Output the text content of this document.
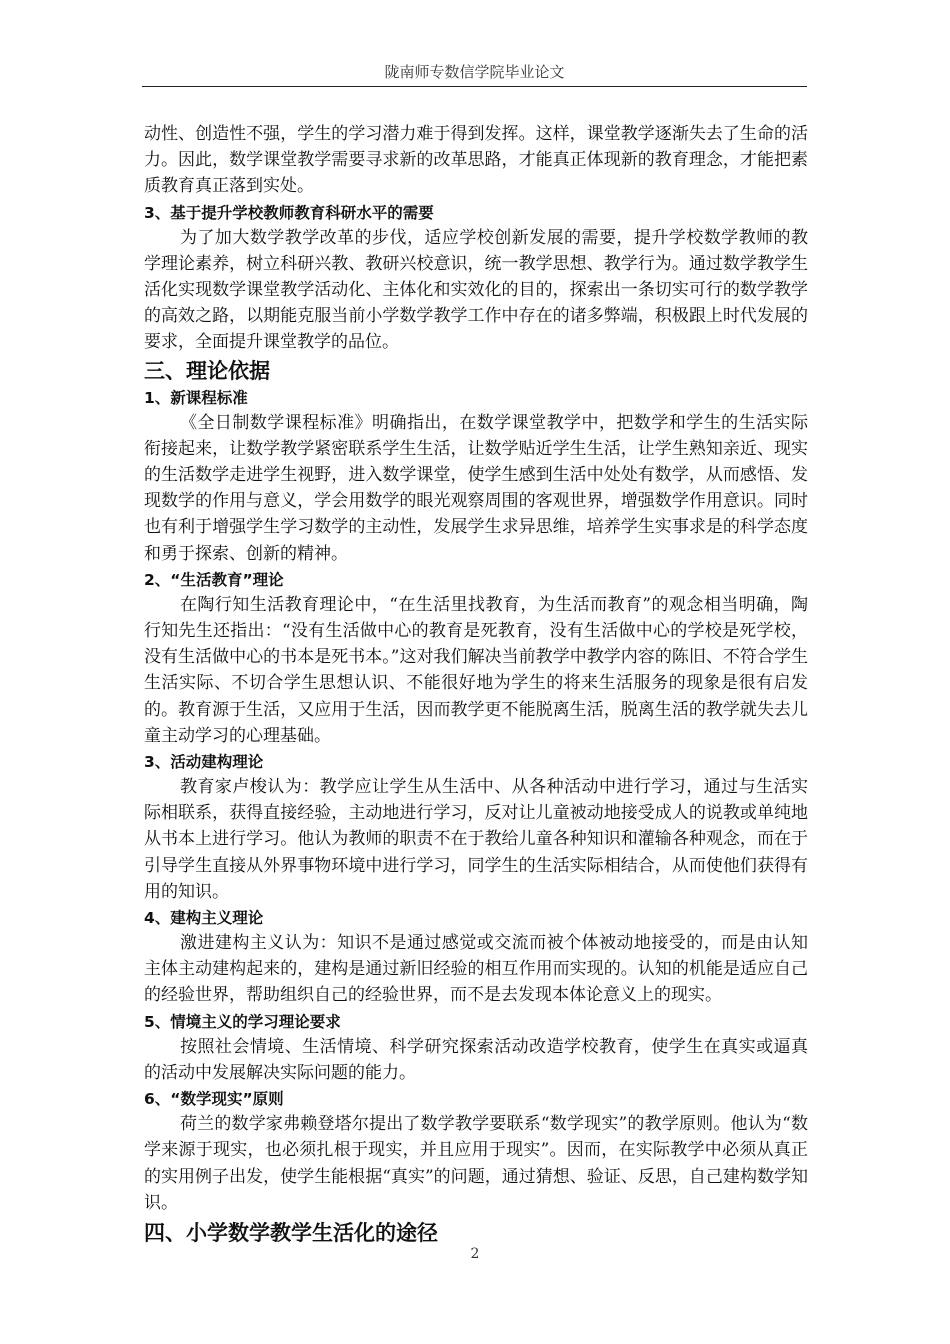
陇南师专数信学院毕业论文

动性、创造性不强，学生的学习潜力难于得到发挥。这样，课堂教学逐渐失去了生命的活力。因此，数学课堂教学需要寻求新的改革思路，才能真正体现新的教育理念，才能把素质教育真正落到实处。

3、基于提升学校教师教育科研水平的需要

为了加大数学教学改革的步伐，适应学校创新发展的需要，提升学校数学教师的教学理论素养，树立科研兴教、教研兴校意识，统一教学思想、教学行为。通过数学教学生活化实现数学课堂教学活动化、主体化和实效化的目的，探索出一条切实可行的数学教学的高效之路，以期能克服当前小学数学教学工作中存在的诸多弊端，积极跟上时代发展的要求，全面提升课堂教学的品位。

三、理论依据

1、新课程标准

《全日制数学课程标准》明确指出，在数学课堂教学中，把数学和学生的生活实际衔接起来，让数学教学紧密联系学生生活，让数学贴近学生生活，让学生熟知亲近、现实的生活数学走进学生视野，进入数学课堂，使学生感到生活中处处有数学，从而感悟、发现数学的作用与意义，学会用数学的眼光观察周围的客观世界，增强数学作用意识。同时也有利于增强学生学习数学的主动性，发展学生求异思维，培养学生实事求是的科学态度和勇于探索、创新的精神。

2、“生活教育”理论

在陶行知生活教育理论中，“在生活里找教育，为生活而教育”的观念相当明确，陶行知先生还指出：“没有生活做中心的教育是死教育，没有生活做中心的学校是死学校，没有生活做中心的书本是死书本。”这对我们解决当前教学中教学内容的陈旧、不符合学生生活实际、不切合学生思想认识、不能很好地为学生的将来生活服务的现象是很有启发的。教育源于生活，又应用于生活，因而教学更不能脱离生活，脱离生活的教学就失去儿童主动学习的心理基础。

3、活动建构理论

教育家卢梭认为：教学应让学生从生活中、从各种活动中进行学习，通过与生活实际相联系，获得直接经验，主动地进行学习，反对让儿童被动地接受成人的说教或单纯地从书本上进行学习。他认为教师的职责不在于教给儿童各种知识和灌输各种观念，而在于引导学生直接从外界事物环境中进行学习，同学生的生活实际相结合，从而使他们获得有用的知识。

4、建构主义理论

激进建构主义认为：知识不是通过感觉或交流而被个体被动地接受的，而是由认知主体主动建构起来的，建构是通过新旧经验的相互作用而实现的。认知的机能是适应自己的经验世界，帮助组织自己的经验世界，而不是去发现本体论意义上的现实。

5、情境主义的学习理论要求

按照社会情境、生活情境、科学研究探索活动改造学校教育，使学生在真实或逼真的活动中发展解决实际问题的能力。

6、“数学现实”原则

荷兰的数学家弗赖登塔尔提出了数学教学要联系“数学现实”的教学原则。他认为“数学来源于现实，也必须扎根于现实，并且应用于现实”。因而，在实际教学中必须从真正的实用例子出发，使学生能根据“真实”的问题，通过猜想、验证、反思，自己建构数学知识。

四、小学数学教学生活化的途径

2
